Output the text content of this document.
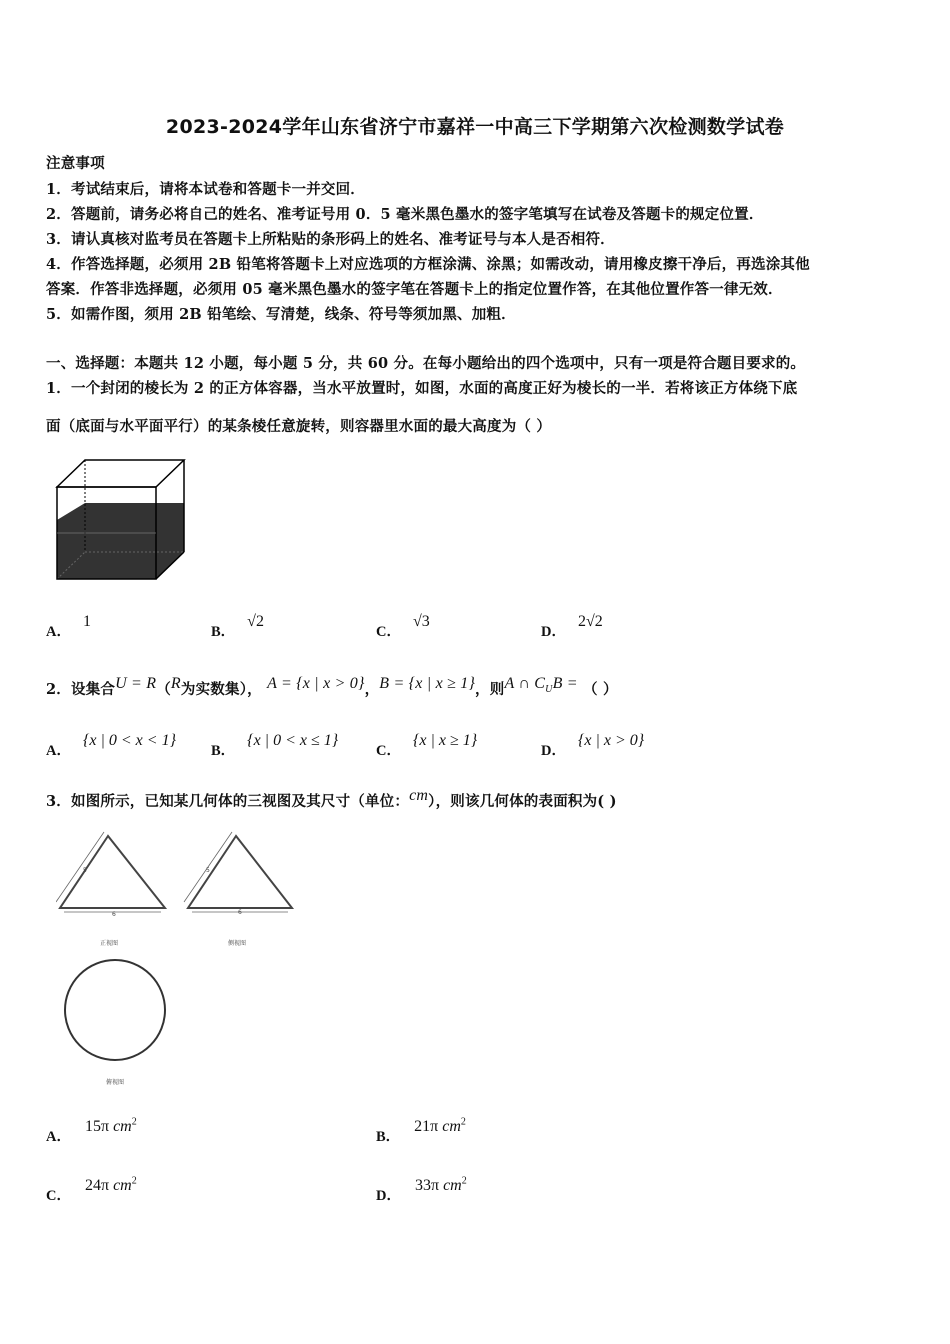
2023-2024学年山东省济宁市嘉祥一中高三下学期第六次检测数学试卷
注意事项
1．考试结束后，请将本试卷和答题卡一并交回．
2．答题前，请务必将自己的姓名、准考证号用 0．5 毫米黑色墨水的签字笔填写在试卷及答题卡的规定位置．
3．请认真核对监考员在答题卡上所粘贴的条形码上的姓名、准考证号与本人是否相符．
4．作答选择题，必须用 2B 铅笔将答题卡上对应选项的方框涂满、涂黑；如需改动，请用橡皮擦干净后，再选涂其他
答案．作答非选择题，必须用 05 毫米黑色墨水的签字笔在答题卡上的指定位置作答，在其他位置作答一律无效．
5．如需作图，须用 2B 铅笔绘、写清楚，线条、符号等须加黑、加粗．
一、选择题：本题共 12 小题，每小题 5 分，共 60 分。在每小题给出的四个选项中，只有一项是符合题目要求的。
1．一个封闭的棱长为 2 的正方体容器，当水平放置时，如图，水面的高度正好为棱长的一半．若将该正方体绕下底
面（底面与水平面平行）的某条棱任意旋转，则容器里水面的最大高度为（ ）
A．1
B．√2
C．√3
D．2√2
2．设集合U = R（R为实数集）， A = {x | x > 0}，B = {x | x ≥ 1}，则A ∩ $C_UB$ = （ ）
A．{x | 0 < x < 1}
B．{x | 0 < x ≤ 1}
C．{x | x ≥ 1}
D．{x | x > 0}
3．如图所示，已知某几何体的三视图及其尺寸（单位：cm），则该几何体的表面积为( )
5
6
正视图
5
6
侧视图
俯视图
A．15π $cm^2$
B．21π $cm^2$
C．24π $cm^2$
D．33π $cm^2$
